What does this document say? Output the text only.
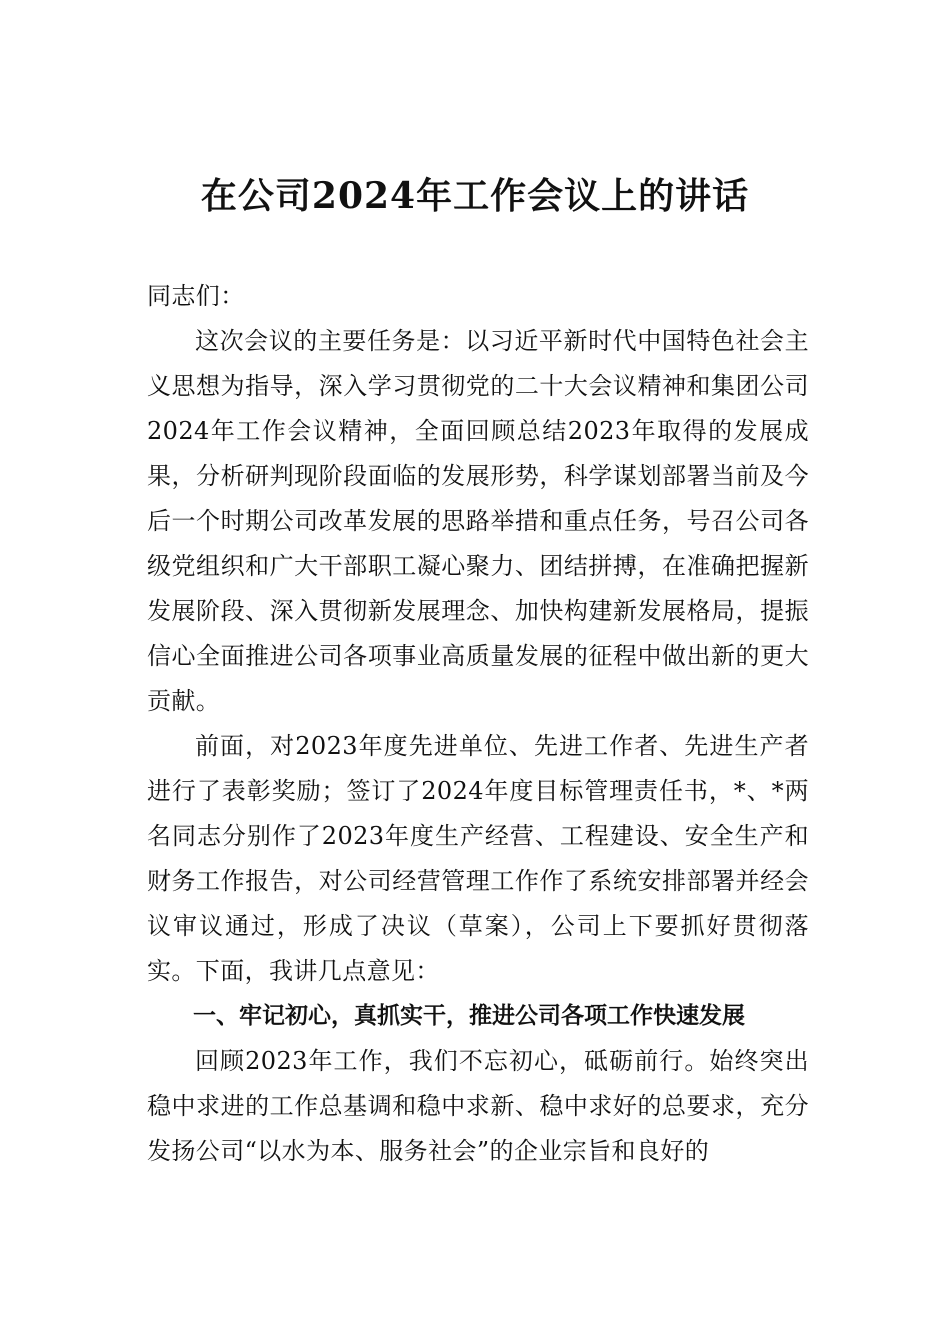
在公司2024年工作会议上的讲话

同志们：

这次会议的主要任务是：以习近平新时代中国特色社会主义思想为指导，深入学习贯彻党的二十大会议精神和集团公司2024年工作会议精神，全面回顾总结2023年取得的发展成果，分析研判现阶段面临的发展形势，科学谋划部署当前及今后一个时期公司改革发展的思路举措和重点任务，号召公司各级党组织和广大干部职工凝心聚力、团结拼搏，在准确把握新发展阶段、深入贯彻新发展理念、加快构建新发展格局，提振信心全面推进公司各项事业高质量发展的征程中做出新的更大贡献。

前面，对2023年度先进单位、先进工作者、先进生产者进行了表彰奖励；签订了2024年度目标管理责任书，*、*两名同志分别作了2023年度生产经营、工程建设、安全生产和财务工作报告，对公司经营管理工作作了系统安排部署并经会议审议通过，形成了决议（草案），公司上下要抓好贯彻落实。下面，我讲几点意见：

一、牢记初心，真抓实干，推进公司各项工作快速发展

回顾2023年工作，我们不忘初心，砥砺前行。始终突出稳中求进的工作总基调和稳中求新、稳中求好的总要求，充分发扬公司“以水为本、服务社会”的企业宗旨和良好的
